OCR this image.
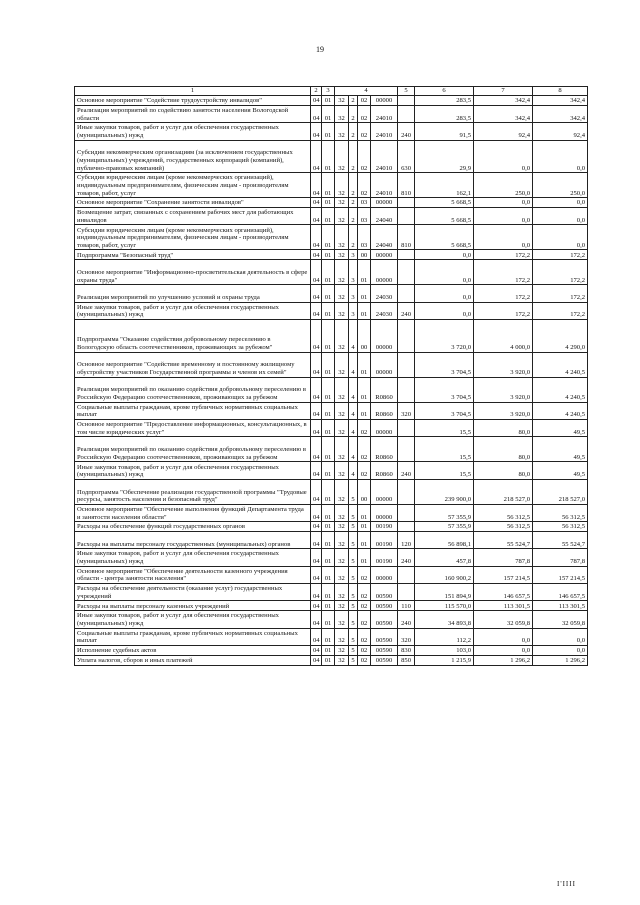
19
1	2	3	4				5	6	7	8
Основное мероприятие "Содействие трудоустройству инвалидов"	04	01	32	2	02	00000		283,5	342,4	342,4
Реализация мероприятий по содействию занятости населения Вологодской области	04	01	32	2	02	24010		283,5	342,4	342,4
Иные закупки товаров, работ и услуг для обеспечения государственных (муниципальных) нужд	04	01	32	2	02	24010	240	91,5	92,4	92,4
Субсидии некоммерческим организациям (за исключением государственных (муниципальных) учреждений, государственных корпораций (компаний), публично-правовых компаний)	04	01	32	2	02	24010	630	29,9	0,0	0,0
Субсидии юридическим лицам (кроме некоммерческих организаций), индивидуальным предпринимателям, физическим лицам - производителям товаров, работ, услуг	04	01	32	2	02	24010	810	162,1	250,0	250,0
Основное мероприятие "Сохранение занятости инвалидов"	04	01	32	2	03	00000		5 668,5	0,0	0,0
Возмещение затрат, связанных с сохранением рабочих мест для работающих инвалидов	04	01	32	2	03	24040		5 668,5	0,0	0,0
Субсидии юридическим лицам (кроме некоммерческих организаций), индивидуальным предпринимателям, физическим лицам - производителям товаров, работ, услуг	04	01	32	2	03	24040	810	5 668,5	0,0	0,0
Подпрограмма "Безопасный труд"	04	01	32	3	00	00000		0,0	172,2	172,2
Основное мероприятие "Информационно-просветительская деятельность в сфере охраны труда"	04	01	32	3	01	00000		0,0	172,2	172,2
Реализация мероприятий по улучшению условий и охраны труда	04	01	32	3	01	24030		0,0	172,2	172,2
Иные закупки товаров, работ и услуг для обеспечения государственных (муниципальных) нужд	04	01	32	3	01	24030	240	0,0	172,2	172,2
Подпрограмма "Оказание содействия добровольному переселению в Вологодскую область соотечественников, проживающих за рубежом"	04	01	32	4	00	00000		3 720,0	4 000,0	4 290,0
Основное мероприятие "Содействие временному и постоянному жилищному обустройству участников Государственной программы и членов их семей"	04	01	32	4	01	00000		3 704,5	3 920,0	4 240,5
Реализация мероприятий по оказанию содействия добровольному переселению в Российскую Федерацию соотечественников, проживающих за рубежом	04	01	32	4	01	R0860		3 704,5	3 920,0	4 240,5
Социальные выплаты гражданам, кроме публичных нормативных социальных выплат	04	01	32	4	01	R0860	320	3 704,5	3 920,0	4 240,5
Основное мероприятие "Предоставление информационных, консультационных, в том числе юридических услуг"	04	01	32	4	02	00000		15,5	80,0	49,5
Реализация мероприятий по оказанию содействия добровольному переселению в Российскую Федерацию соотечественников, проживающих за рубежом	04	01	32	4	02	R0860		15,5	80,0	49,5
Иные закупки товаров, работ и услуг для обеспечения государственных (муниципальных) нужд	04	01	32	4	02	R0860	240	15,5	80,0	49,5
Подпрограмма "Обеспечение реализации государственной программы "Трудовые ресурсы, занятость населения и безопасный труд"	04	01	32	5	00	00000		239 900,0	218 527,0	218 527,0
Основное мероприятие "Обеспечение выполнения функций Департамента труда и занятости населения области"	04	01	32	5	01	00000		57 355,9	56 312,5	56 312,5
Расходы на обеспечение функций государственных органов	04	01	32	5	01	00190		57 355,9	56 312,5	56 312,5
Расходы на выплаты персоналу государственных (муниципальных) органов	04	01	32	5	01	00190	120	56 898,1	55 524,7	55 524,7
Иные закупки товаров, работ и услуг для обеспечения государственных (муниципальных) нужд	04	01	32	5	01	00190	240	457,8	787,8	787,8
Основное мероприятие "Обеспечение деятельности казенного учреждения области - центра занятости населения"	04	01	32	5	02	00000		160 900,2	157 214,5	157 214,5
Расходы на обеспечение деятельности (оказание услуг) государственных учреждений	04	01	32	5	02	00590		151 894,9	146 657,5	146 657,5
Расходы на выплаты персоналу казенных учреждений	04	01	32	5	02	00590	110	115 570,0	113 301,5	113 301,5
Иные закупки товаров, работ и услуг для обеспечения государственных (муниципальных) нужд	04	01	32	5	02	00590	240	34 893,8	32 059,8	32 059,8
Социальные выплаты гражданам, кроме публичных нормативных социальных выплат	04	01	32	5	02	00590	320	112,2	0,0	0,0
Исполнение судебных актов	04	01	32	5	02	00590	830	103,0	0,0	0,0
Уплата налогов, сборов и иных платежей	04	01	32	5	02	00590	850	1 215,9	1 296,2	1 296,2
I'IIII
